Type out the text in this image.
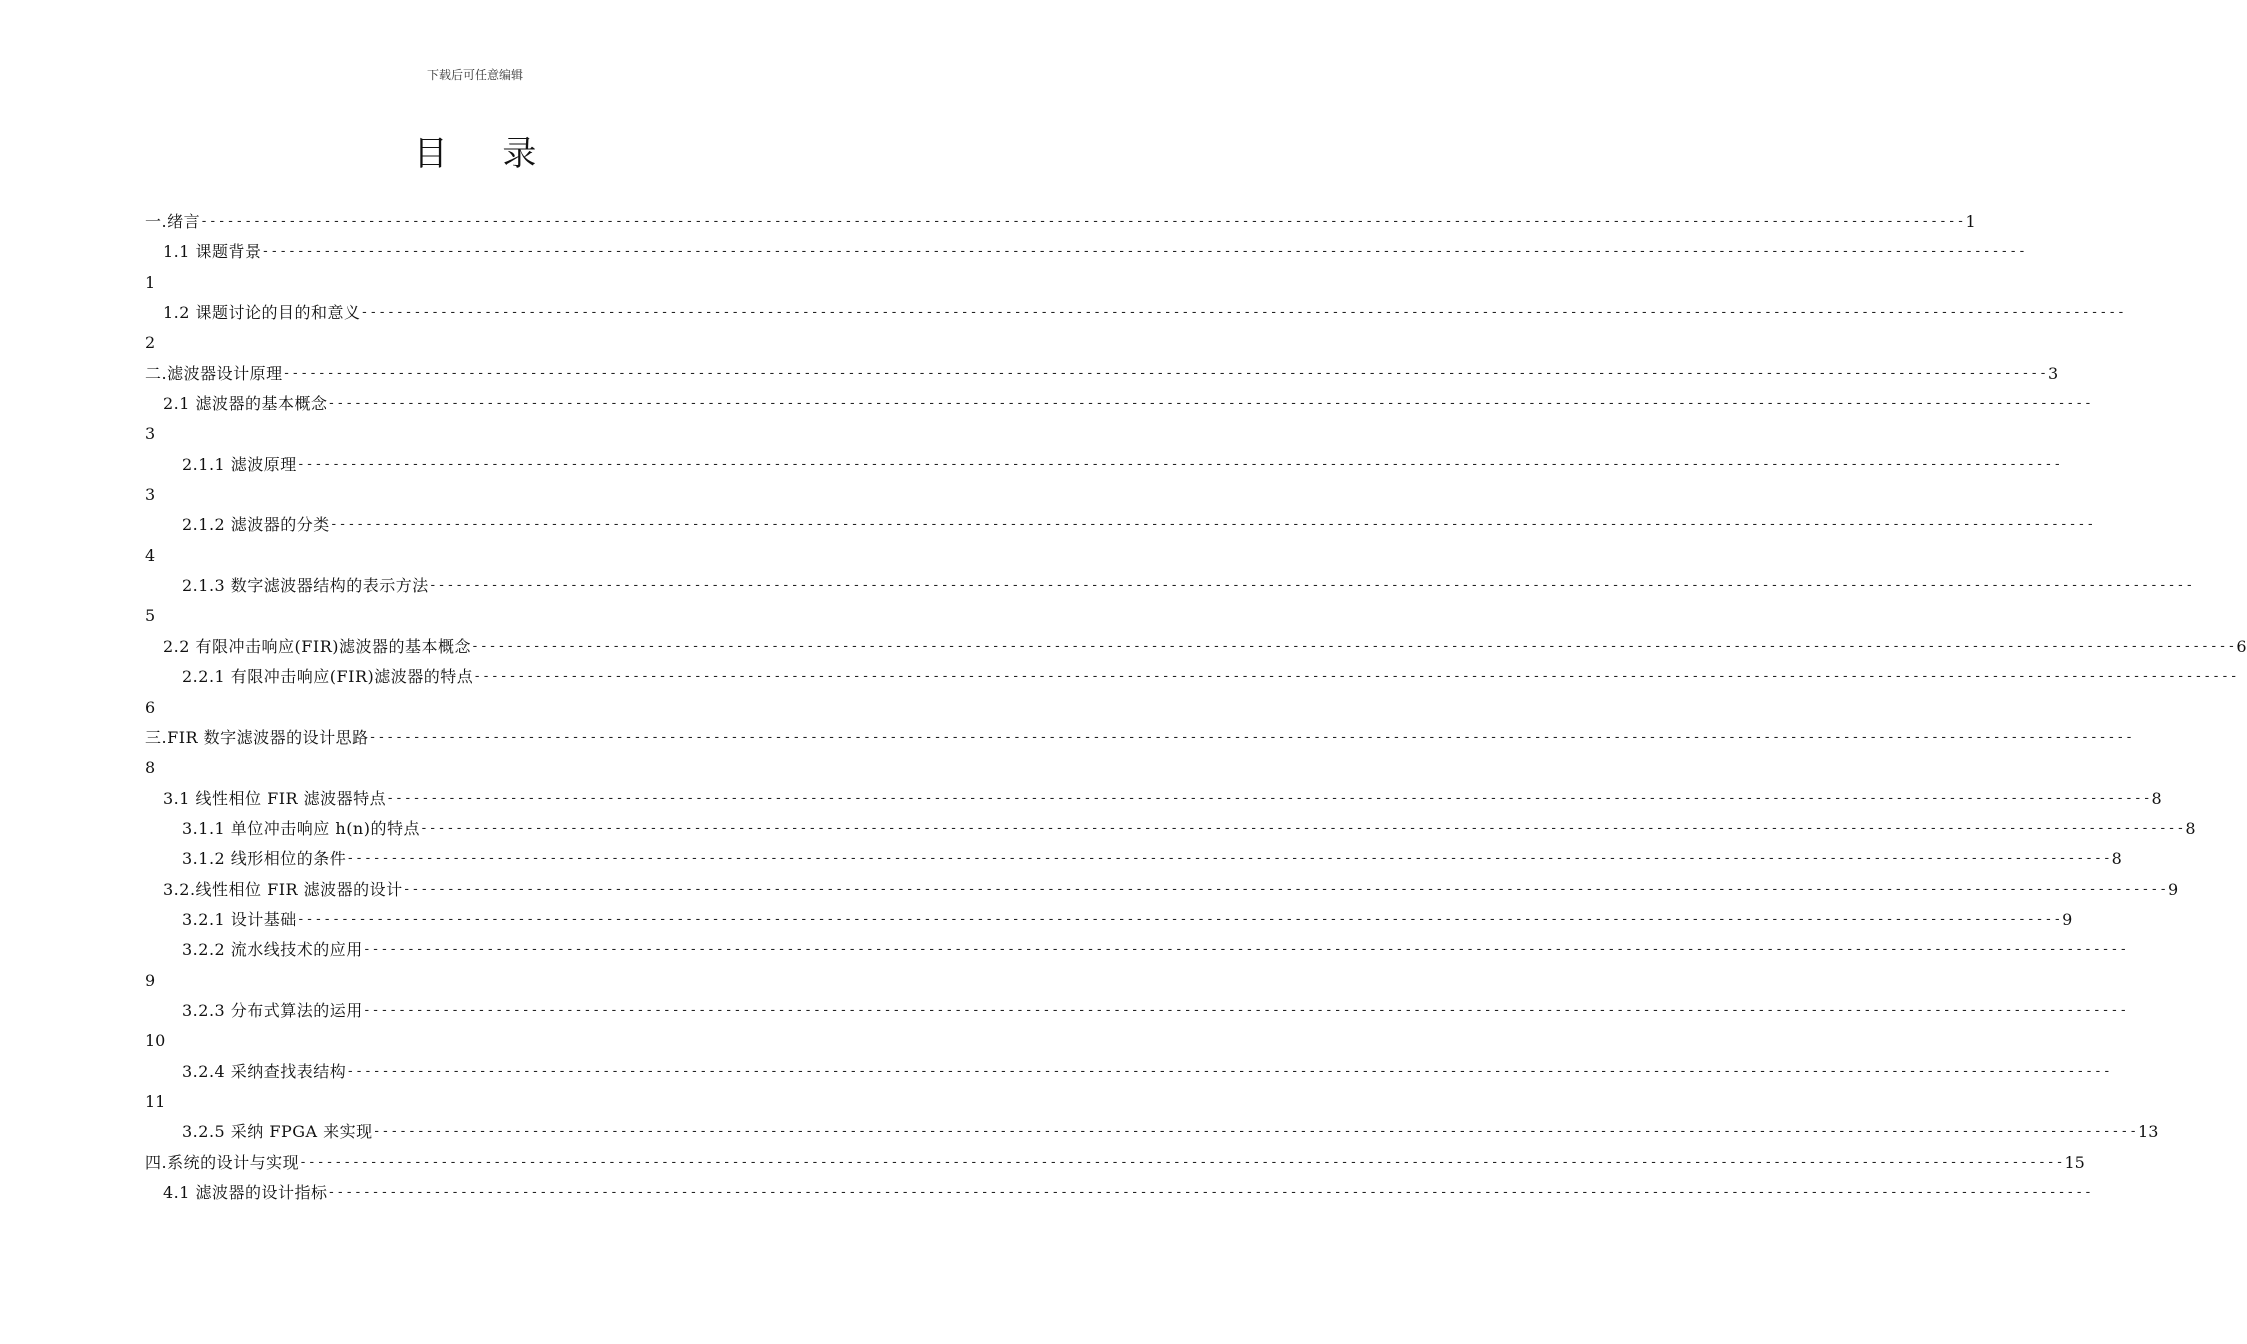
下载后可任意编辑
目 录
一.绪言 -------------------------------------------------------------------------------------------------------------------------------------------------------------------------------------------------------- 1
1.1 课题背景 --------------------------------------------------------------------------------------------------------------------------------------------------------------------------------------------------------
1
1.2 课题讨论的目的和意义 --------------------------------------------------------------------------------------------------------------------------------------------------------------------------------------------------------
2
二.滤波器设计原理 -------------------------------------------------------------------------------------------------------------------------------------------------------------------------------------------------------- 3
2.1 滤波器的基本概念 --------------------------------------------------------------------------------------------------------------------------------------------------------------------------------------------------------
3
2.1.1 滤波原理 --------------------------------------------------------------------------------------------------------------------------------------------------------------------------------------------------------
3
2.1.2 滤波器的分类 --------------------------------------------------------------------------------------------------------------------------------------------------------------------------------------------------------
4
2.1.3 数字滤波器结构的表示方法 --------------------------------------------------------------------------------------------------------------------------------------------------------------------------------------------------------
5
2.2 有限冲击响应(FIR)滤波器的基本概念 -------------------------------------------------------------------------------------------------------------------------------------------------------------------------------------------------------- 6
2.2.1 有限冲击响应(FIR)滤波器的特点 --------------------------------------------------------------------------------------------------------------------------------------------------------------------------------------------------------
6
三.FIR 数字滤波器的设计思路 --------------------------------------------------------------------------------------------------------------------------------------------------------------------------------------------------------
8
3.1 线性相位 FIR 滤波器特点 -------------------------------------------------------------------------------------------------------------------------------------------------------------------------------------------------------- 8
3.1.1 单位冲击响应 h(n)的特点 -------------------------------------------------------------------------------------------------------------------------------------------------------------------------------------------------------- 8
3.1.2 线形相位的条件 -------------------------------------------------------------------------------------------------------------------------------------------------------------------------------------------------------- 8
3.2.线性相位 FIR 滤波器的设计 -------------------------------------------------------------------------------------------------------------------------------------------------------------------------------------------------------- 9
3.2.1 设计基础 -------------------------------------------------------------------------------------------------------------------------------------------------------------------------------------------------------- 9
3.2.2 流水线技术的应用 --------------------------------------------------------------------------------------------------------------------------------------------------------------------------------------------------------
9
3.2.3 分布式算法的运用 --------------------------------------------------------------------------------------------------------------------------------------------------------------------------------------------------------
10
3.2.4 采纳查找表结构 --------------------------------------------------------------------------------------------------------------------------------------------------------------------------------------------------------
11
3.2.5 采纳 FPGA 来实现 -------------------------------------------------------------------------------------------------------------------------------------------------------------------------------------------------------- 13
四.系统的设计与实现 -------------------------------------------------------------------------------------------------------------------------------------------------------------------------------------------------------- 15
4.1 滤波器的设计指标 --------------------------------------------------------------------------------------------------------------------------------------------------------------------------------------------------------
